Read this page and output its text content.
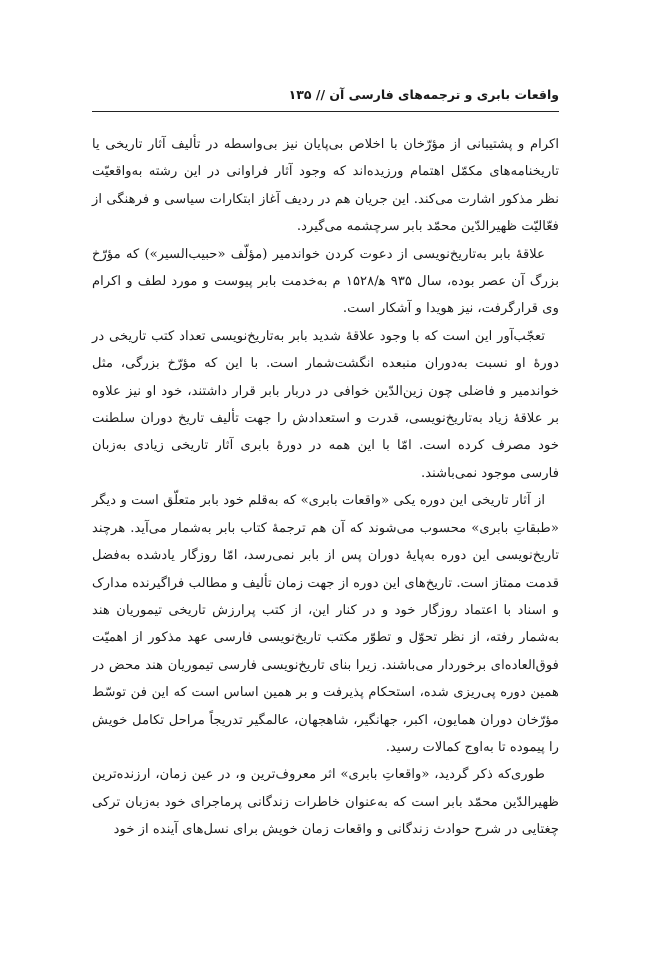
واقعات بابری و ترجمه‌های فارسی آن // ۱۳۵

اکرام و پشتیبانی از مؤرّخان با اخلاص بی‌پایان نیز بی‌واسطه در تألیف آثار تاریخی یا تاریخنامه‌های مکمّل اهتمام ورزیده‌اند که وجود آثار فراوانی در این رشته به‌واقعیّت نظر مذکور اشارت می‌کند. این جریان هم در ردیف آغاز ابتکارات سیاسی و فرهنگی از فعّالیّت ظهیرالدّین محمّد بابر سرچشمه می‌گیرد.

علاقهٔ بابر به‌تاریخ‌نویسی از دعوت کردن خواندمیر (مؤلّف «حبیب‌السیر») که مؤرّخ بزرگ آن عصر بوده، سال ۹۳۵ ه‍/۱۵۲۸ م به‌خدمت بابر پیوست و مورد لطف و اکرام وی قرارگرفت، نیز هویدا و آشکار است.

تعجّب‌آور این است که با وجود علاقهٔ شدید بابر به‌تاریخ‌نویسی تعداد کتب تاریخی در دورهٔ او نسبت به‌دوران منبعده انگشت‌شمار است. با این که مؤرّخ بزرگی، مثل خواندمیر و فاضلی چون زین‌الدّین خوافی در دربار بابر قرار داشتند، خود او نیز علاوه بر علاقهٔ زیاد به‌تاریخ‌نویسی، قدرت و استعدادش را جهت تألیف تاریخ دوران سلطنت خود مصرف کرده است. امّا با این همه در دورهٔ بابری آثار تاریخی زیادی به‌زبان فارسی موجود نمی‌باشند.

از آثار تاریخی این دوره یکی «واقعات بابری» که به‌قلم خود بابر متعلّق است و دیگر «طبقاتِ بابری» محسوب می‌شوند که آن هم ترجمهٔ کتاب بابر به‌شمار می‌آید. هرچند تاریخ‌نویسی این دوره به‌پایهٔ دوران پس از بابر نمی‌رسد، امّا روزگار یادشده به‌فضل قدمت ممتاز است. تاریخ‌های این دوره از جهت زمان تألیف و مطالب فراگیرنده مدارک و اسناد با اعتماد روزگار خود و در کنار این، از کتب پرارزش تاریخی تیموریان هند به‌شمار رفته، از نظر تحوّل و تطوّر مکتب تاریخ‌نویسی فارسی عهد مذکور از اهمیّت فوق‌العاده‌ای برخوردار می‌باشند. زیرا بنای تاریخ‌نویسی فارسی تیموریان هند محض در همین دوره پی‌ریزی شده، استحکام پذیرفت و بر همین اساس است که این فن توسّط مؤرّخان دوران همایون، اکبر، جهانگیر، شاهجهان، عالمگیر تدریجاً مراحل تکامل خویش را پیموده تا به‌اوج کمالات رسید.

طوری‌که ذکر گردید، «واقعاتِ بابری» اثر معروف‌ترین و، در عین زمان، ارزنده‌ترین ظهیرالدّین محمّد بابر است که به‌عنوان خاطرات زندگانی پرماجرای خود به‌زبان ترکی چغتایی در شرح حوادث زندگانی و واقعات زمان خویش برای نسل‌های آینده از خود
